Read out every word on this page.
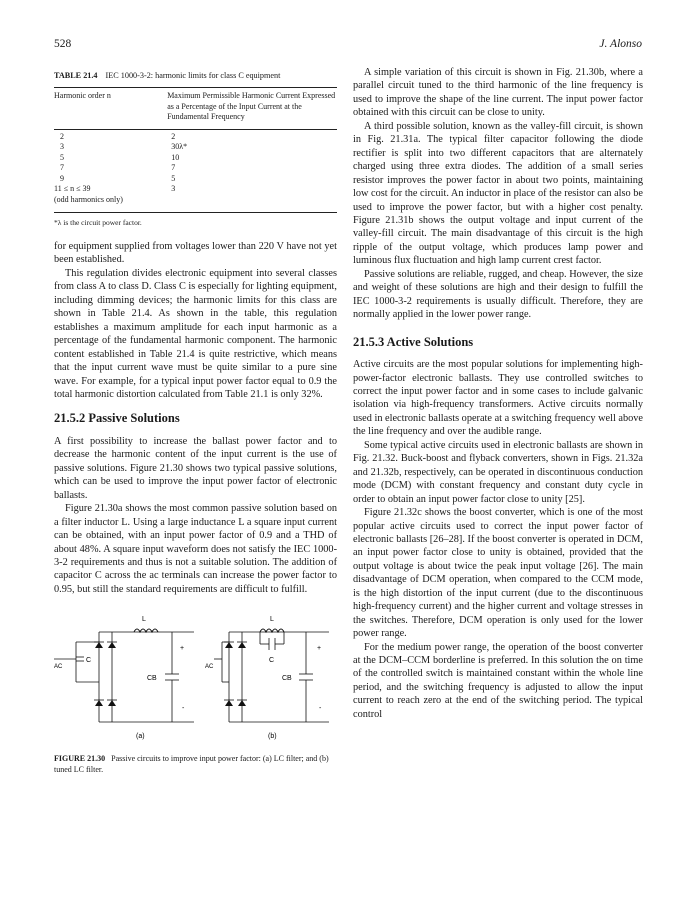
528	J. Alonso
TABLE 21.4 IEC 1000-3-2: harmonic limits for class C equipment
Harmonic order n	Maximum Permissible Harmonic Current Expressed as a Percentage of the Input Current at the Fundamental Frequency
2	2
3	30λ*
5	10
7	7
9	5
11 ≤ n ≤ 39	3
(odd harmonics only)	
*λ is the circuit power factor.

for equipment supplied from voltages lower than 220 V have not yet been established.

This regulation divides electronic equipment into several classes from class A to class D. Class C is especially for lighting equipment, including dimming devices; the harmonic limits for this class are shown in Table 21.4. As shown in the table, this regulation establishes a maximum amplitude for each input harmonic as a percentage of the fundamental harmonic component. The harmonic content established in Table 21.4 is quite restrictive, which means that the input current wave must be quite similar to a pure sine wave. For example, for a typical input power factor equal to 0.9 the total harmonic distortion calculated from Table 21.1 is only 32%.

21.5.2 Passive Solutions

A first possibility to increase the ballast power factor and to decrease the harmonic content of the input current is the use of passive solutions. Figure 21.30 shows two typical passive solutions, which can be used to improve the input power factor of electronic ballasts.

Figure 21.30a shows the most common passive solution based on a filter inductor L. Using a large inductance L a square input current can be obtained, with an input power factor of 0.9 and a THD of about 48%. A square input waveform does not satisfy the IEC 1000-3-2 requirements and thus is not a suitable solution. The addition of capacitor C across the ac terminals can increase the power factor to 0.95, but still the standard requirements are difficult to fulfill.

L
AC
C
CB
+
-
(a)
L
C
AC
CB
+
-
(b)
FIGURE 21.30 Passive circuits to improve input power factor: (a) LC filter; and (b) tuned LC filter.

A simple variation of this circuit is shown in Fig. 21.30b, where a parallel circuit tuned to the third harmonic of the line frequency is used to improve the shape of the line current. The input power factor obtained with this circuit can be close to unity.

A third possible solution, known as the valley-fill circuit, is shown in Fig. 21.31a. The typical filter capacitor following the diode rectifier is split into two different capacitors that are alternately charged using three extra diodes. The addition of a small series resistor improves the power factor in about two points, maintaining low cost for the circuit. An inductor in place of the resistor can also be used to improve the power factor, but with a higher cost penalty. Figure 21.31b shows the output voltage and input current of the valley-fill circuit. The main disadvantage of this circuit is the high ripple of the output voltage, which produces lamp power and luminous flux fluctuation and high lamp current crest factor.

Passive solutions are reliable, rugged, and cheap. However, the size and weight of these solutions are high and their design to fulfill the IEC 1000-3-2 requirements is usually difficult. Therefore, they are normally applied in the lower power range.

21.5.3 Active Solutions

Active circuits are the most popular solutions for implementing high-power-factor electronic ballasts. They use controlled switches to correct the input power factor and in some cases to include galvanic isolation via high-frequency transformers. Active circuits normally used in electronic ballasts operate at a switching frequency well above the line frequency and over the audible range.

Some typical active circuits used in electronic ballasts are shown in Fig. 21.32. Buck-boost and flyback converters, shown in Figs. 21.32a and 21.32b, respectively, can be operated in discontinuous conduction mode (DCM) with constant frequency and constant duty cycle in order to obtain an input power factor close to unity [25].

Figure 21.32c shows the boost converter, which is one of the most popular active circuits used to correct the input power factor of electronic ballasts [26–28]. If the boost converter is operated in DCM, an input power factor close to unity is obtained, provided that the output voltage is about twice the peak input voltage [26]. The main disadvantage of DCM operation, when compared to the CCM mode, is the high distortion of the input current (due to the discontinuous high-frequency current) and the higher current and voltage stresses in the switches. Therefore, DCM operation is only used for the lower power range.

For the medium power range, the operation of the boost converter at the DCM–CCM borderline is preferred. In this solution the on time of the controlled switch is maintained constant within the whole line period, and the switching frequency is adjusted to allow the input current to reach zero at the end of the switching period. The typical control
